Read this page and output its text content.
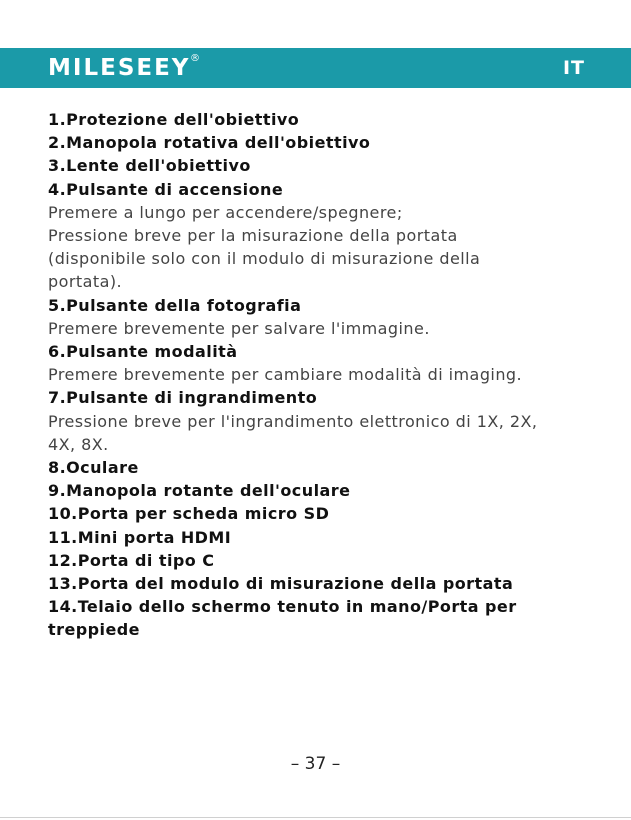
MILESEEY ®	IT
1.Protezione dell'obiettivo
2.Manopola rotativa dell'obiettivo
3.Lente dell'obiettivo
4.Pulsante di accensione
Premere a lungo per accendere/spegnere;
Pressione breve per la misurazione della portata
(disponibile solo con il modulo di misurazione della
portata).
5.Pulsante della fotografia
Premere brevemente per salvare l'immagine.
6.Pulsante modalità
Premere brevemente per cambiare modalità di imaging.
7.Pulsante di ingrandimento
Pressione breve per l'ingrandimento elettronico di 1X, 2X,
4X, 8X.
8.Oculare
9.Manopola rotante dell'oculare
10.Porta per scheda micro SD
11.Mini porta HDMI
12.Porta di tipo C
13.Porta del modulo di misurazione della portata
14.Telaio dello schermo tenuto in mano/Porta per
treppiede
– 37 –
